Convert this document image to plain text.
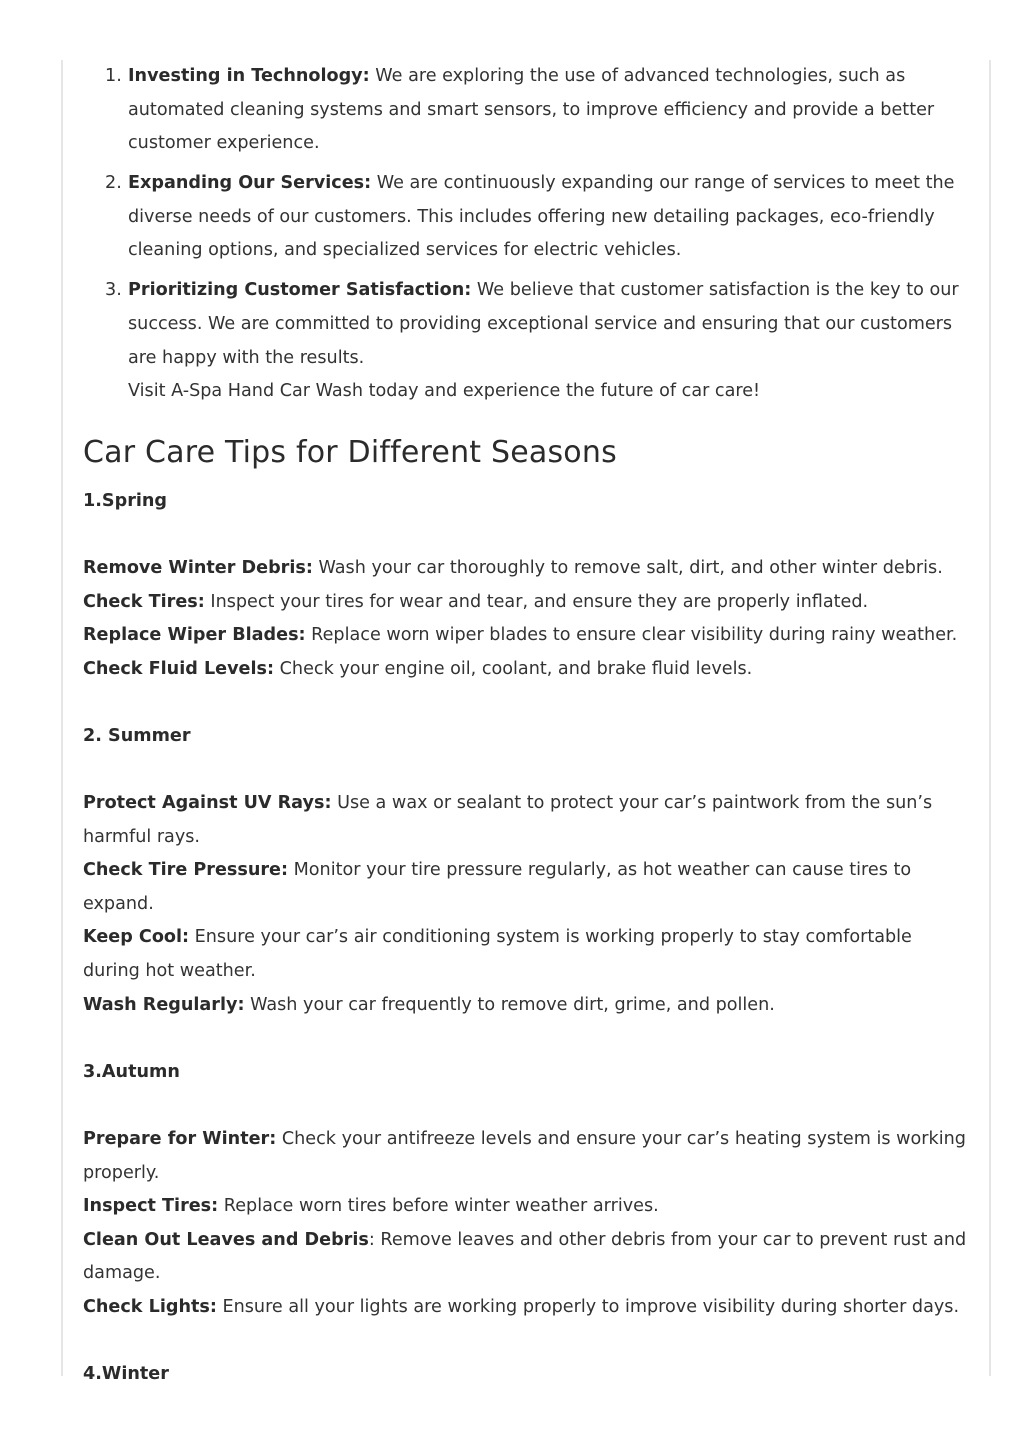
1. Investing in Technology: We are exploring the use of advanced technologies, such as automated cleaning systems and smart sensors, to improve efficiency and provide a better customer experience.
2. Expanding Our Services: We are continuously expanding our range of services to meet the diverse needs of our customers. This includes offering new detailing packages, eco-friendly cleaning options, and specialized services for electric vehicles.
3. Prioritizing Customer Satisfaction: We believe that customer satisfaction is the key to our success. We are committed to providing exceptional service and ensuring that our customers are happy with the results.
Visit A-Spa Hand Car Wash today and experience the future of car care!
Car Care Tips for Different Seasons

1.Spring

Remove Winter Debris: Wash your car thoroughly to remove salt, dirt, and other winter debris.

Check Tires: Inspect your tires for wear and tear, and ensure they are properly inflated.

Replace Wiper Blades: Replace worn wiper blades to ensure clear visibility during rainy weather.

Check Fluid Levels: Check your engine oil, coolant, and brake fluid levels.

2. Summer

Protect Against UV Rays: Use a wax or sealant to protect your car’s paintwork from the sun’s harmful rays.

Check Tire Pressure: Monitor your tire pressure regularly, as hot weather can cause tires to expand.

Keep Cool: Ensure your car’s air conditioning system is working properly to stay comfortable during hot weather.

Wash Regularly: Wash your car frequently to remove dirt, grime, and pollen.

3.Autumn

Prepare for Winter: Check your antifreeze levels and ensure your car’s heating system is working properly.

Inspect Tires: Replace worn tires before winter weather arrives.

Clean Out Leaves and Debris: Remove leaves and other debris from your car to prevent rust and damage.

Check Lights: Ensure all your lights are working properly to improve visibility during shorter days.

4.Winter
